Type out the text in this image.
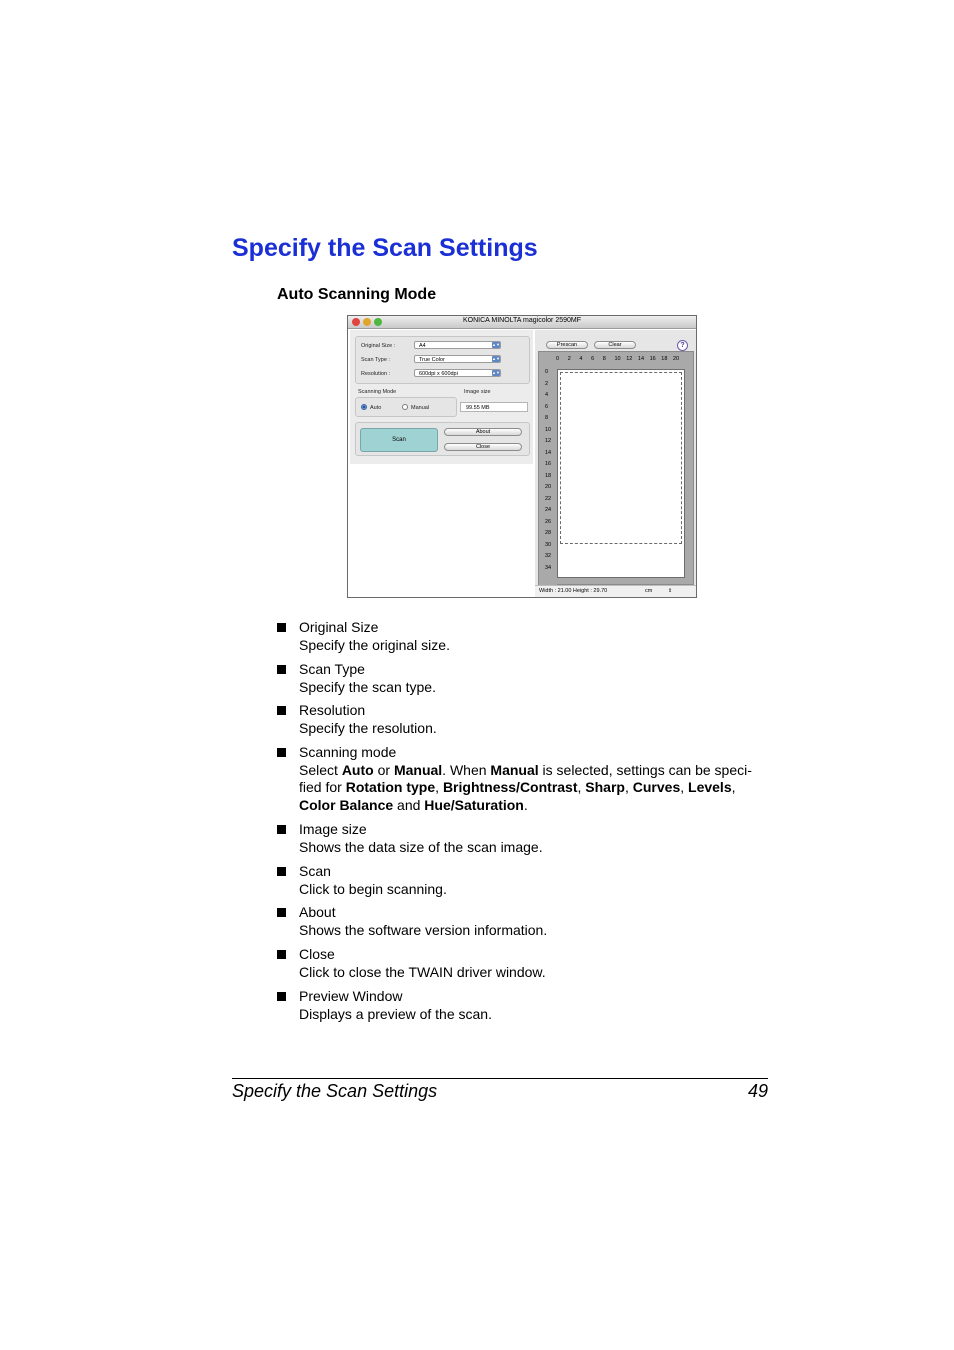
Specify the Scan Settings
Auto Scanning Mode
KONICA MINOLTA magicolor 2590MF
Original Size :	A4	▲▼
Scan Type :	True Color	▲▼
Resolution :	600dpi x 600dpi	▲▼
Scanning Mode
Auto	Manual
Image size
99.55 MB
Scan
About
Close
Prescan	Clear	?
0 2 4 6 8 10 12 14 16 18 20
0
2
4
6
8
10
12
14
16
18
20
22
24
26
28
30
32
34
Width : 21.00 Height : 29.70	cm	⇕
Original Size
Specify the original size.
Scan Type
Specify the scan type.
Resolution
Specify the resolution.
Scanning mode
Select Auto or Manual. When Manual is selected, settings can be speci-fied for Rotation type, Brightness/Contrast, Sharp, Curves, Levels, Color Balance and Hue/Saturation.
Image size
Shows the data size of the scan image.
Scan
Click to begin scanning.
About
Shows the software version information.
Close
Click to close the TWAIN driver window.
Preview Window
Displays a preview of the scan.
Specify the Scan Settings	49
